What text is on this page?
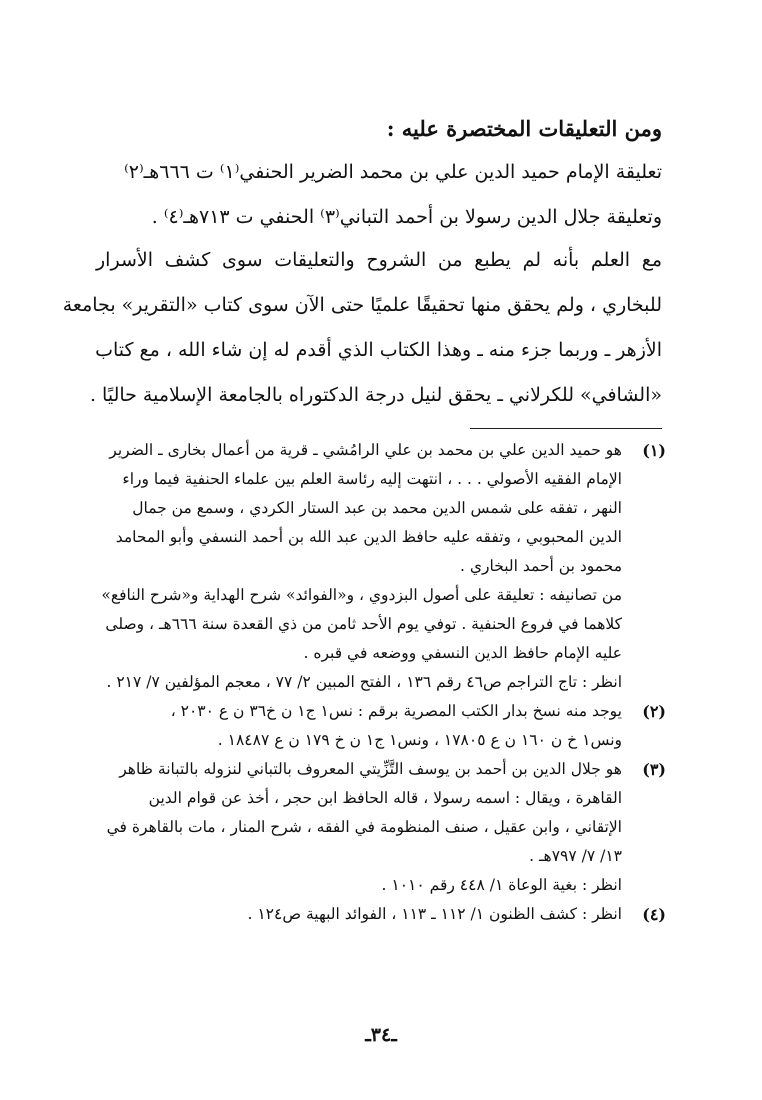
ومن التعليقات المختصرة عليه :
تعليقة الإمام حميد الدين علي بن محمد الضرير الحنفي⁽١⁾ ت ٦٦٦هـ⁽٢⁾
وتعليقة جلال الدين رسولا بن أحمد التباني⁽٣⁾ الحنفي ت ٧١٣هـ⁽٤⁾ .
مع العلم بأنه لم يطبع من الشروح والتعليقات سوى كشف الأسرار
للبخاري ، ولم يحقق منها تحقيقًا علميًا حتى الآن سوى كتاب «التقرير» بجامعة
الأزهر ـ وربما جزء منه ـ وهذا الكتاب الذي أقدم له إن شاء الله ، مع كتاب
«الشافي» للكرلاني ـ يحقق لنيل درجة الدكتوراه بالجامعة الإسلامية حاليًا .
(١)
هو حميد الدين علي بن محمد بن علي الرامُشي ـ قرية من أعمال بخارى ـ الضرير
الإمام الفقيه الأصولي . . . ، انتهت إليه رئاسة العلم بين علماء الحنفية فيما وراء
النهر ، تفقه على شمس الدين محمد بن عبد الستار الكردي ، وسمع من جمال
الدين المحبوبي ، وتفقه عليه حافظ الدين عبد الله بن أحمد النسفي وأبو المحامد
محمود بن أحمد البخاري .
من تصانيفه : تعليقة على أصول البزدوي ، و«الفوائد» شرح الهداية و«شرح النافع»
كلاهما في فروع الحنفية . توفي يوم الأحد ثامن من ذي القعدة سنة ٦٦٦هـ ، وصلى
عليه الإمام حافظ الدين النسفي ووضعه في قبره .
انظر : تاج التراجم ص٤٦ رقم ١٣٦ ، الفتح المبين ٢/ ٧٧ ، معجم المؤلفين ٧/ ٢١٧ .
(٢)
يوجد منه نسخ بدار الكتب المصرية برقم : نس١ ج١ ن خ٣٦ ن ع ٢٠٣٠ ،
ونس١ خ ن ١٦٠ ن ع ١٧٨٠٥ ، ونس١ ج١ ن خ ١٧٩ ن ع ١٨٤٨٧ .
(٣)
هو جلال الدين بن أحمد بن يوسف التَّزِّيتي المعروف بالتباني لنزوله بالتبانة ظاهر
القاهرة ، ويقال : اسمه رسولا ، قاله الحافظ ابن حجر ، أخذ عن قوام الدين
الإتقاني ، وابن عقيل ، صنف المنظومة في الفقه ، شرح المنار ، مات بالقاهرة في
١٣/ ٧/ ٧٩٧هـ .
انظر : بغية الوعاة ١/ ٤٤٨ رقم ١٠١٠ .
(٤)
انظر : كشف الظنون ١/ ١١٢ ـ ١١٣ ، الفوائد البهية ص١٢٤ .
ـ٣٤ـ
